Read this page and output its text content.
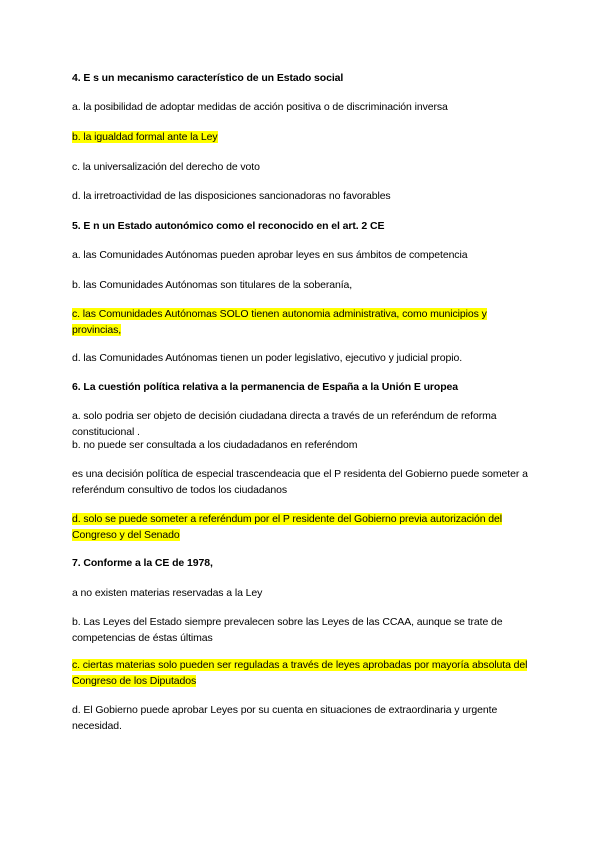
4. E s un mecanismo característico de un Estado social
a. la posibilidad de adoptar medidas de acción positiva o de discriminación inversa
b. la igualdad formal ante la Ley
c. la universalización del derecho de voto
d. la irretroactividad de las disposiciones sancionadoras no favorables
5. E n un Estado autonómico como el reconocido en el art. 2 CE
a. las Comunidades Autónomas pueden aprobar leyes en sus ámbitos de competencia
b. las Comunidades Autónomas son titulares de la soberanía,
c. las Comunidades Autónomas SOLO tienen autonomia administrativa, como municipios y provincias,
d. las Comunidades Autónomas tienen un poder legislativo, ejecutivo y judicial propio.
6. La cuestión política relativa a la permanencia de España a la Unión E uropea
a. solo podria ser objeto de decisión ciudadana directa a través de un referéndum de reforma constitucional .
b. no puede ser consultada a los ciudadadanos en referéndom
es una decisión política de especial trascendeacia que el P residenta del Gobierno puede someter a referéndum consultivo de todos los ciudadanos
d. solo se puede someter a referéndum por el P residente del Gobierno previa autorización del Congreso y del Senado
7. Conforme a la CE de 1978,
a no existen materias reservadas a la Ley
b. Las Leyes del Estado siempre prevalecen sobre las Leyes de las CCAA, aunque se trate de competencias de éstas últimas
c. ciertas materias solo pueden ser reguladas a través de leyes aprobadas por mayoría absoluta del Congreso de los Diputados
d. El Gobierno puede aprobar Leyes por su cuenta en situaciones de extraordinaria y urgente necesidad.
